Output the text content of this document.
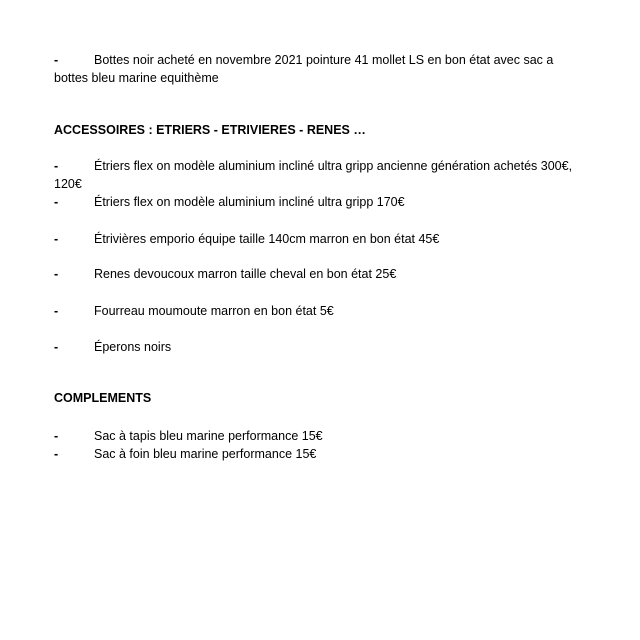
-	Bottes noir acheté en novembre 2021 pointure 41 mollet LS en bon état avec sac a bottes bleu marine equithème
ACCESSOIRES : ETRIERS - ETRIVIERES - RENES …
-	Étriers flex on modèle aluminium incliné ultra gripp ancienne génération achetés 300€, 120€
-	Étriers flex on modèle aluminium incliné ultra gripp 170€
-	Étrivières emporio équipe taille 140cm marron en bon état 45€
-	Renes devoucoux marron taille cheval en bon état 25€
-	Fourreau moumoute marron en bon état 5€
-	Éperons noirs
COMPLEMENTS
-	Sac à tapis bleu marine performance 15€
-	Sac à foin bleu marine performance 15€
